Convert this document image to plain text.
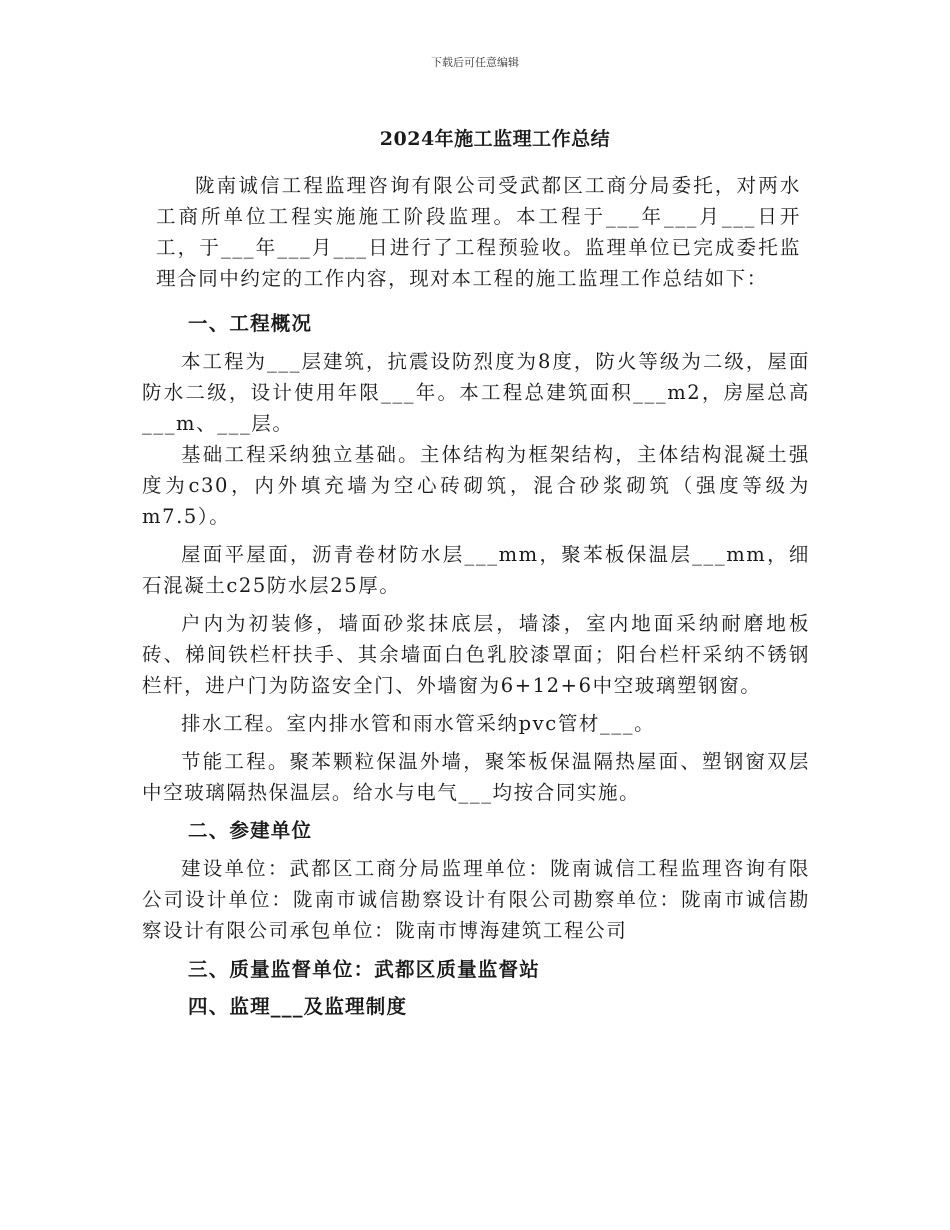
下载后可任意编辑
2024年施工监理工作总结

陇南诚信工程监理咨询有限公司受武都区工商分局委托，对两水工商所单位工程实施施工阶段监理。本工程于___年___月___日开工，于___年___月___日进行了工程预验收。监理单位已完成委托监理合同中约定的工作内容，现对本工程的施工监理工作总结如下：

一、工程概况

本工程为___层建筑，抗震设防烈度为8度，防火等级为二级，屋面防水二级，设计使用年限___年。本工程总建筑面积___m2，房屋总高___m、___层。

基础工程采纳独立基础。主体结构为框架结构，主体结构混凝土强度为c30，内外填充墙为空心砖砌筑，混合砂浆砌筑（强度等级为m7.5）。

屋面平屋面，沥青卷材防水层___mm，聚苯板保温层___mm，细石混凝土c25防水层25厚。

户内为初装修，墙面砂浆抹底层，墙漆，室内地面采纳耐磨地板砖、梯间铁栏杆扶手、其余墙面白色乳胶漆罩面；阳台栏杆采纳不锈钢栏杆，进户门为防盗安全门、外墙窗为6+12+6中空玻璃塑钢窗。

排水工程。室内排水管和雨水管采纳pvc管材___。

节能工程。聚苯颗粒保温外墙，聚笨板保温隔热屋面、塑钢窗双层中空玻璃隔热保温层。给水与电气___均按合同实施。

二、参建单位

建设单位：武都区工商分局监理单位：陇南诚信工程监理咨询有限公司设计单位：陇南市诚信勘察设计有限公司勘察单位：陇南市诚信勘察设计有限公司承包单位：陇南市博海建筑工程公司

三、质量监督单位：武都区质量监督站
四、监理___及监理制度
